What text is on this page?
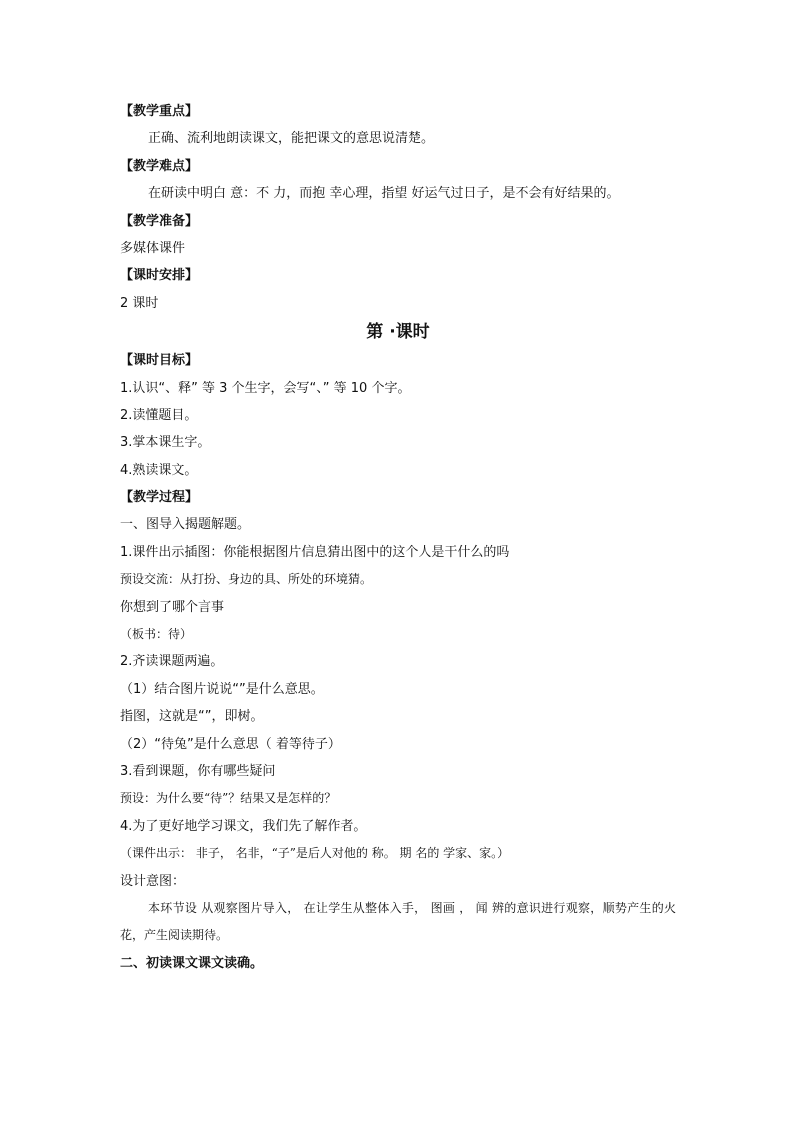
【教学重点】
正确、流利地朗读课文，能把课文的意思说清楚。
【教学难点】
在研读中明白 意：不 力，而抱 幸心理，指望 好运气过日子，是不会有好结果的。
【教学准备】
多媒体课件
【课时安排】
2 课时
第 ·课时
【课时目标】
1.认识“、释” 等 3 个生字，会写“、” 等 10 个字。
2.读懂题目。
3.掌本课生字。
4.熟读课文。
【教学过程】
一、图导入揭题解题。
1.课件出示插图：你能根据图片信息猜出图中的这个人是干什么的吗
预设交流：从打扮、身边的具、所处的环境猜。
你想到了哪个言事
（板书：待）
2.齐读课题两遍。
（1）结合图片说说“”是什么意思。
指图，这就是“”，即树。
（2）“待兔”是什么意思（ 着等待子）
3.看到课题，你有哪些疑问
预设：为什么要“待”？结果又是怎样的？
4.为了更好地学习课文，我们先了解作者。
（课件出示： 非子， 名非，“子”是后人对他的 称。 期 名的 学家、家。）
设计意图：
本环节设 从观察图片导入， 在让学生从整体入手， 图画 ， 闻 辨的意识进行观察，顺势产生的火花，产生阅读期待。
二、初读课文课文读确。
